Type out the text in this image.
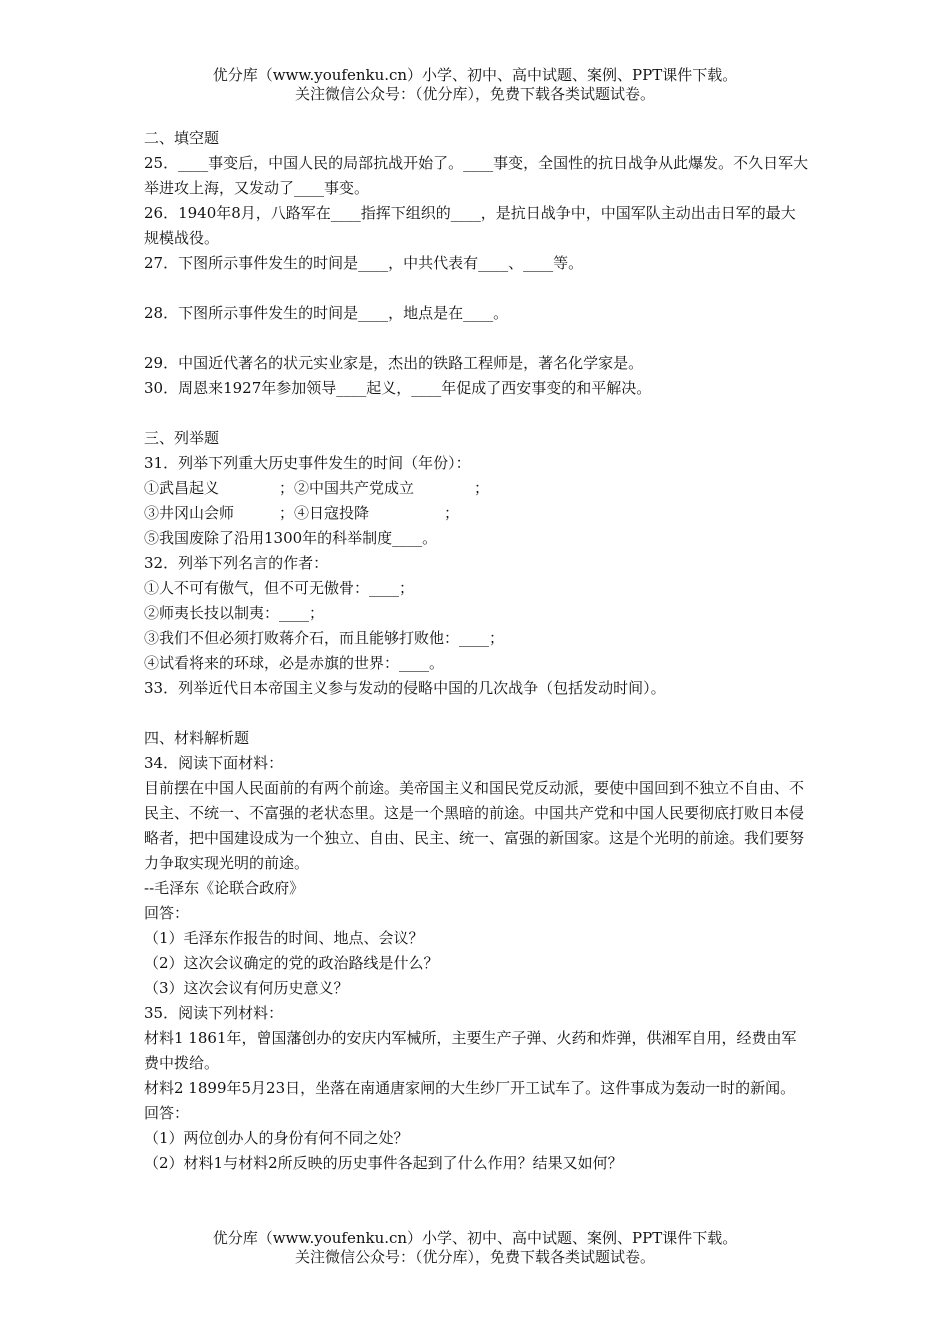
优分库（www.youfenku.cn）小学、初中、高中试题、案例、PPT课件下载。
关注微信公众号：（优分库），免费下载各类试题试卷。

二、填空题

25．____事变后，中国人民的局部抗战开始了。____事变，全国性的抗日战争从此爆发。不久日军大举进攻上海，又发动了____事变。

26．1940年8月，八路军在____指挥下组织的____，是抗日战争中，中国军队主动出击日军的最大规模战役。

27．下图所示事件发生的时间是____，中共代表有____、____等。

28．下图所示事件发生的时间是____，地点是在____。

29．中国近代著名的状元实业家是，杰出的铁路工程师是，著名化学家是。

30．周恩来1927年参加领导____起义，____年促成了西安事变的和平解决。

三、列举题

31．列举下列重大历史事件发生的时间（年份）：

①武昌起义　　　　；②中国共产党成立　　　　；

③井冈山会师　　　；④日寇投降　　　　　；

⑤我国废除了沿用1300年的科举制度____。

32．列举下列名言的作者：

①人不可有傲气，但不可无傲骨：____；

②师夷长技以制夷：____；

③我们不但必须打败蒋介石，而且能够打败他：____；

④试看将来的环球，必是赤旗的世界：____。

33．列举近代日本帝国主义参与发动的侵略中国的几次战争（包括发动时间）。

四、材料解析题

34．阅读下面材料：

目前摆在中国人民面前的有两个前途。美帝国主义和国民党反动派，要使中国回到不独立不自由、不民主、不统一、不富强的老状态里。这是一个黑暗的前途。中国共产党和中国人民要彻底打败日本侵略者，把中国建设成为一个独立、自由、民主、统一、富强的新国家。这是个光明的前途。我们要努力争取实现光明的前途。

--毛泽东《论联合政府》

回答：

（1）毛泽东作报告的时间、地点、会议？

（2）这次会议确定的党的政治路线是什么？

（3）这次会议有何历史意义？

35．阅读下列材料：

材料1 1861年，曾国藩创办的安庆内军械所，主要生产子弹、火药和炸弹，供湘军自用，经费由军费中拨给。

材料2 1899年5月23日，坐落在南通唐家闸的大生纱厂开工试车了。这件事成为轰动一时的新闻。

回答：

（1）两位创办人的身份有何不同之处？

（2）材料1与材料2所反映的历史事件各起到了什么作用？结果又如何？

优分库（www.youfenku.cn）小学、初中、高中试题、案例、PPT课件下载。
关注微信公众号：（优分库），免费下载各类试题试卷。
